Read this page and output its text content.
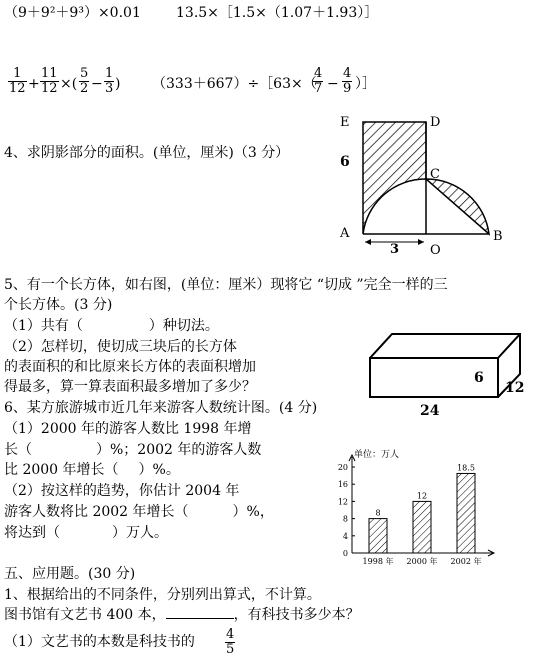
（9＋9²＋9³）×0.01	13.5×［1.5×（1.07＋1.93）］
1
12 +
11
12 ×(
5
2 −
1
3 ) （333＋667）÷［63×（
4
7 −
4
9 ）］
4、求阴影部分的面积。(单位，厘米)（3 分）
E	D
C
A	B
O
6
3
5、有一个长方体，如右图，(单位：厘米）现将它 “切成 ”完全一样的三
个长方体。(3 分)
（1）共有（	）种切法。
（2）怎样切，使切成三块后的长方体
的表面积的和比原来长方体的表面积增加
得最多，算一算表面积最多增加了多少？
24
12
6
6、某方旅游城市近几年来游客人数统计图。(4 分)
（1）2000 年的游客人数比 1998 年增
长（	）%；2002 年的游客人数
比 2000 年增长（ ）%。
（2）按这样的趋势，你估计 2004 年
游客人数将比 2002 年增长（	）%，
将达到（	）万人。
单位：万人
0
4
8
12
16
20
8
1998 年
12
2000 年
18.5
2002 年
五、应用题。(30 分)
1、根据给出的不同条件，分别列出算式，不计算。
图书馆有文艺书 400 本，	，有科技书多少本？
（1）文艺书的本数是科技书的 4
5
